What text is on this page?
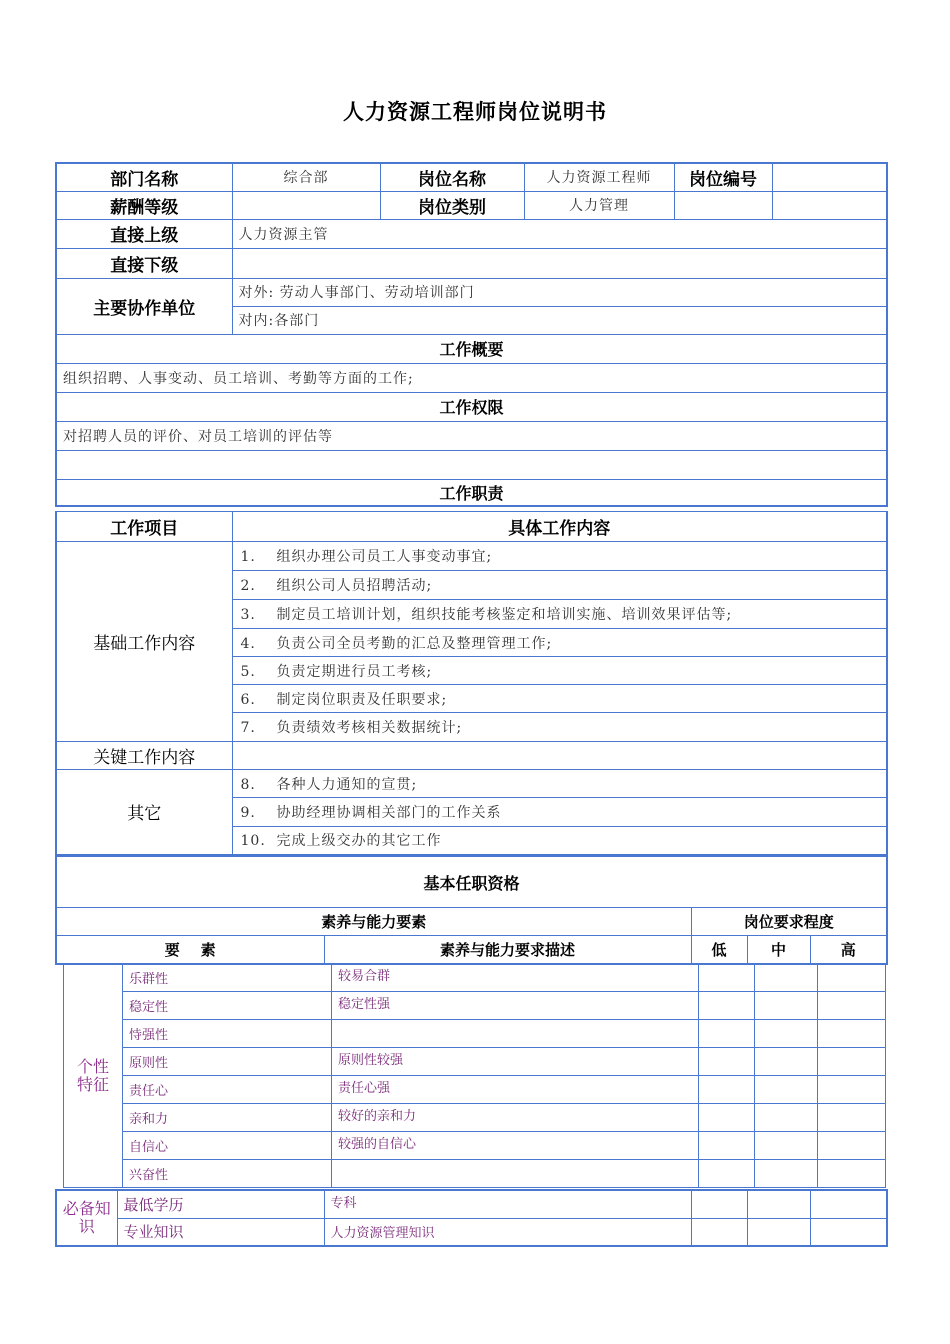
人力资源工程师岗位说明书
部门名称	综合部	岗位名称	人力资源工程师	岗位编号	
薪酬等级		岗位类别	人力管理		
直接上级	人力资源主管				
直接下级					
主要协作单位	对外: 劳动人事部门、劳动培训部门				
	对内:各部门				
工作概要					
组织招聘、人事变动、员工培训、考勤等方面的工作;					
工作权限					
对招聘人员的评价、对员工培训的评估等					

工作职责					
工作项目	具体工作内容
基础工作内容	1. 组织办理公司员工人事变动事宜;
	2. 组织公司人员招聘活动;
	3. 制定员工培训计划，组织技能考核鉴定和培训实施、培训效果评估等;
	4. 负责公司全员考勤的汇总及整理管理工作;
	5. 负责定期进行员工考核;
	6. 制定岗位职责及任职要求;
	7. 负责绩效考核相关数据统计;
关键工作内容	
其它	8. 各种人力通知的宣贯;
	9. 协助经理协调相关部门的工作关系
	10. 完成上级交办的其它工作
基本任职资格				
素养与能力要素		岗位要求程度		
要    素	素养与能力要求描述	低	中	高
个性特征	乐群性	较易合群			
	稳定性	稳定性强			
	恃强性				
	原则性	原则性较强			
	责任心	责任心强			
	亲和力	较好的亲和力			
	自信心	较强的自信心			
	兴奋性				
必备知识	最低学历	专科			
	专业知识	人力资源管理知识			
